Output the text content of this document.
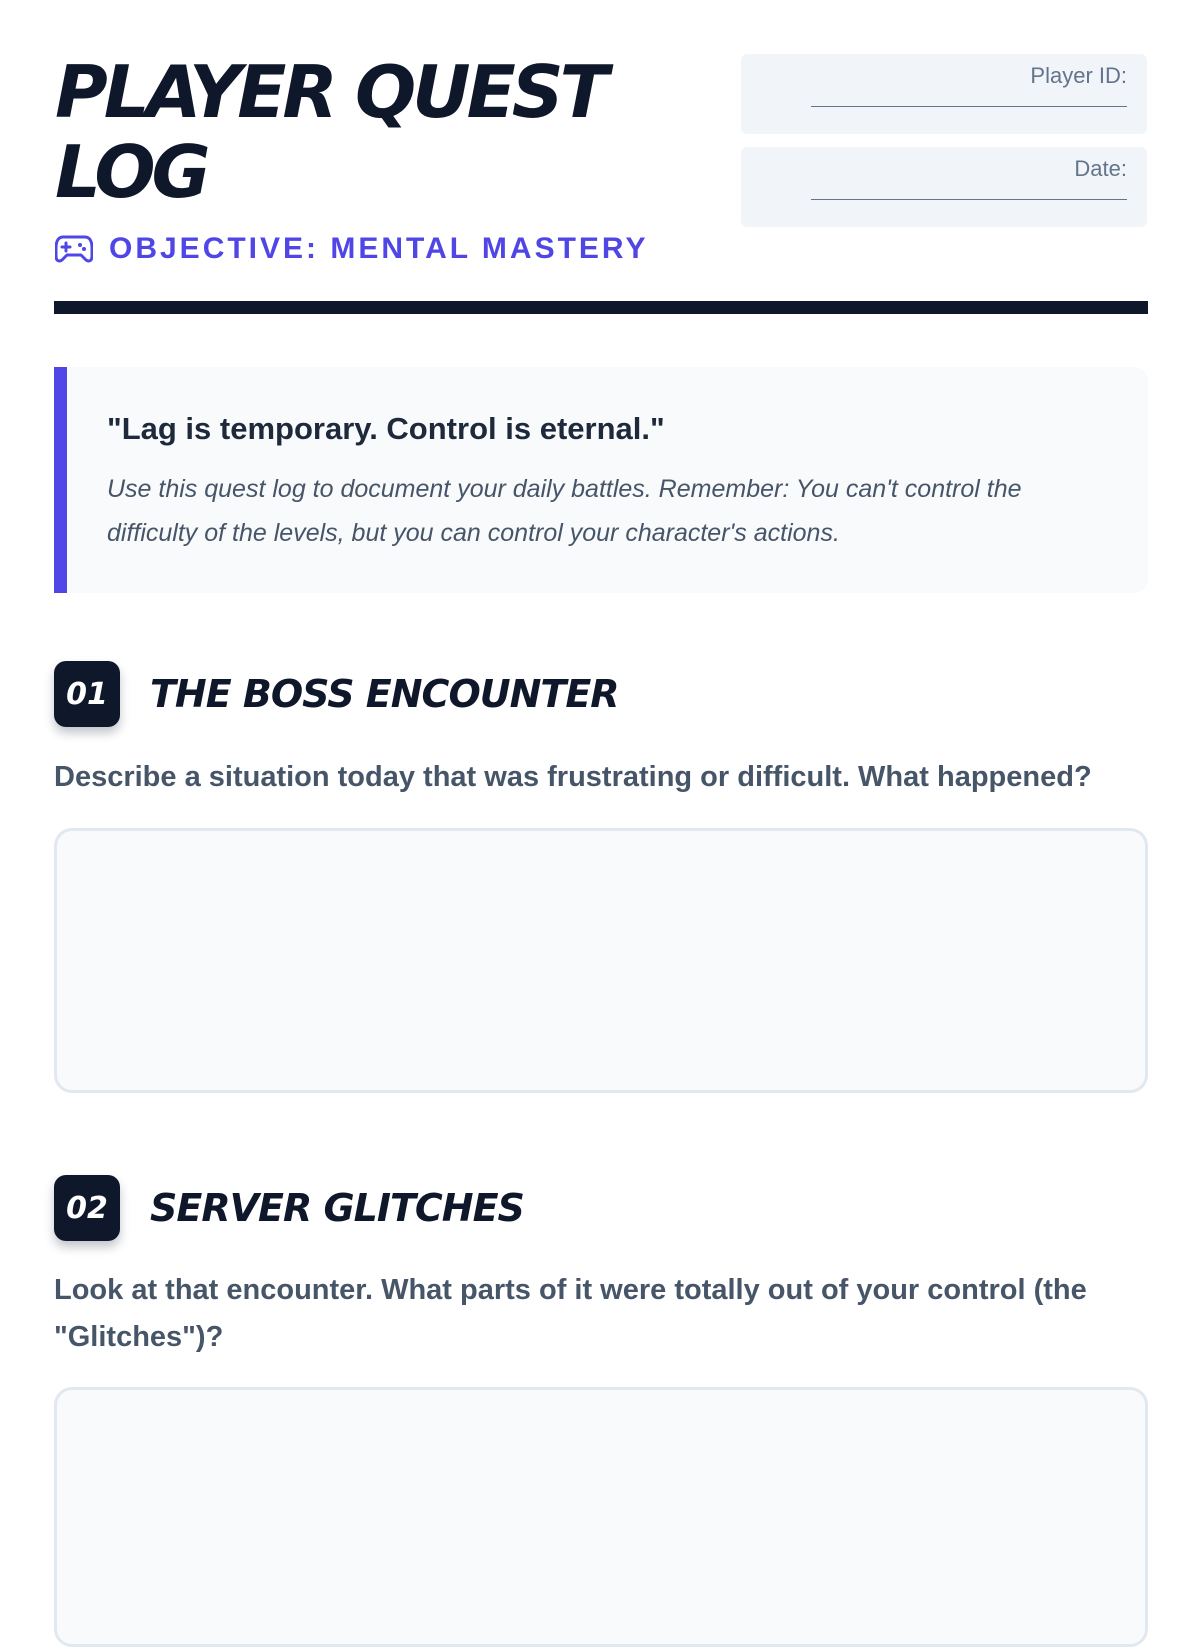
PLAYER QUEST LOG
OBJECTIVE: MENTAL MASTERY
Player ID:
Date:

"Lag is temporary. Control is eternal."

Use this quest log to document your daily battles. Remember: You can't control the difficulty of the levels, but you can control your character's actions.

01	THE BOSS ENCOUNTER

Describe a situation today that was frustrating or difficult. What happened?

02	SERVER GLITCHES

Look at that encounter. What parts of it were totally out of your control (the "Glitches")?
